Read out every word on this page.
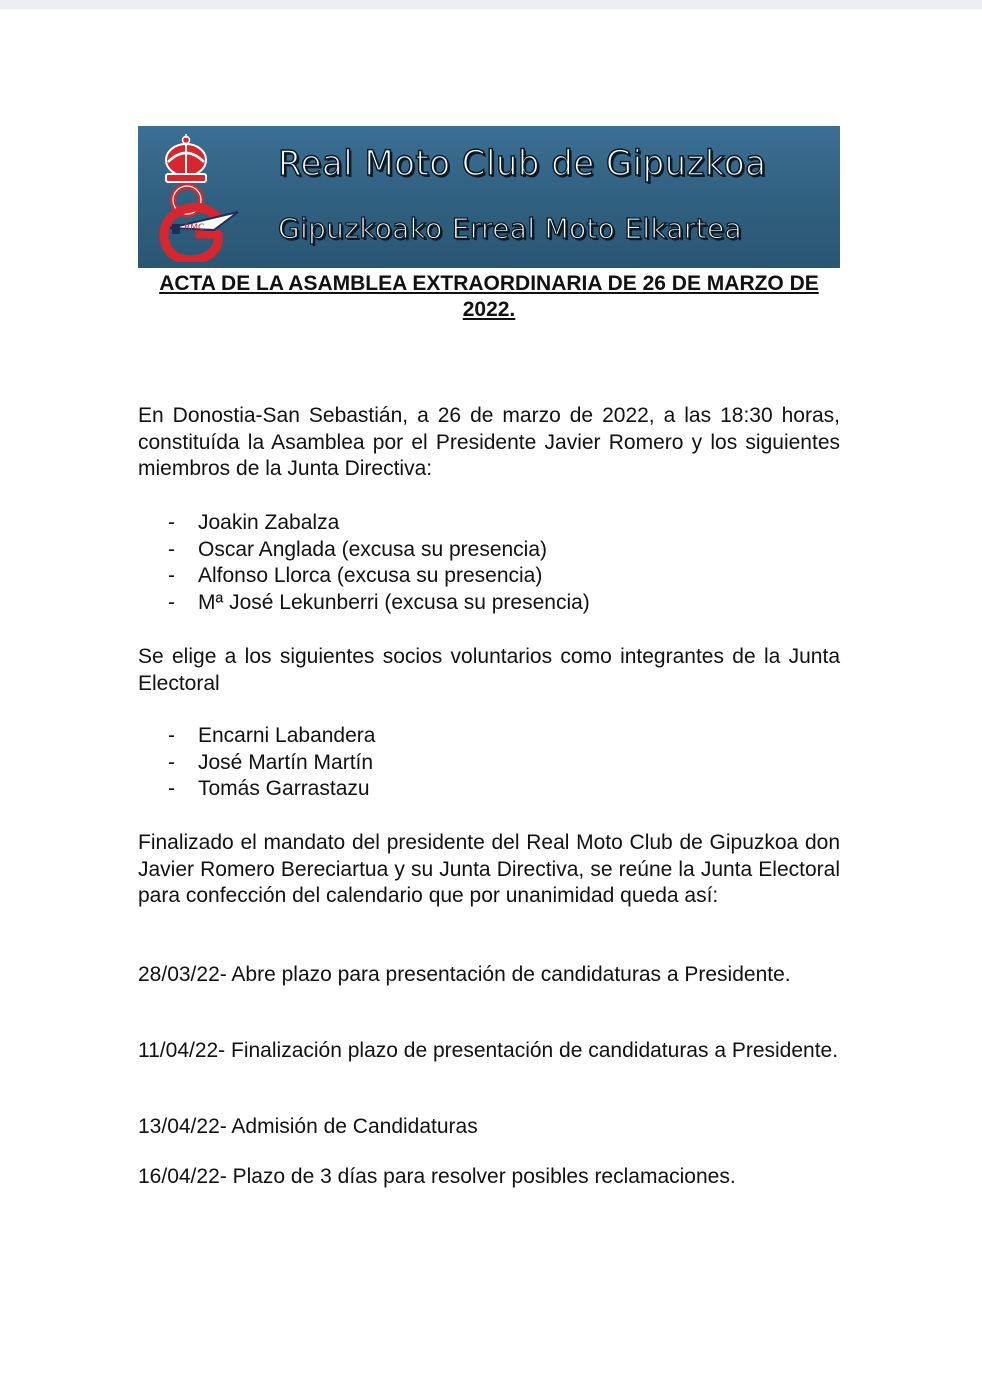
RMC
Real Moto Club de Gipuzkoa
Gipuzkoako Erreal Moto Elkartea
ACTA DE LA ASAMBLEA EXTRAORDINARIA DE 26 DE MARZO DE 2022.
En Donostia-San Sebastián, a 26 de marzo de 2022, a las 18:30 horas, constituída la Asamblea por el Presidente Javier Romero y los siguientes miembros de la Junta Directiva:
- Joakin Zabalza
- Oscar Anglada (excusa su presencia)
- Alfonso Llorca (excusa su presencia)
- Mª José Lekunberri (excusa su presencia)
Se elige a los siguientes socios voluntarios como integrantes de la Junta Electoral
- Encarni Labandera
- José Martín Martín
- Tomás Garrastazu
Finalizado el mandato del presidente del Real Moto Club de Gipuzkoa don Javier Romero Bereciartua y su Junta Directiva, se reúne la Junta Electoral para confección del calendario que por unanimidad queda así:
28/03/22- Abre plazo para presentación de candidaturas a Presidente.
11/04/22- Finalización plazo de presentación de candidaturas a Presidente.
13/04/22- Admisión de Candidaturas
16/04/22- Plazo de 3 días para resolver posibles reclamaciones.
